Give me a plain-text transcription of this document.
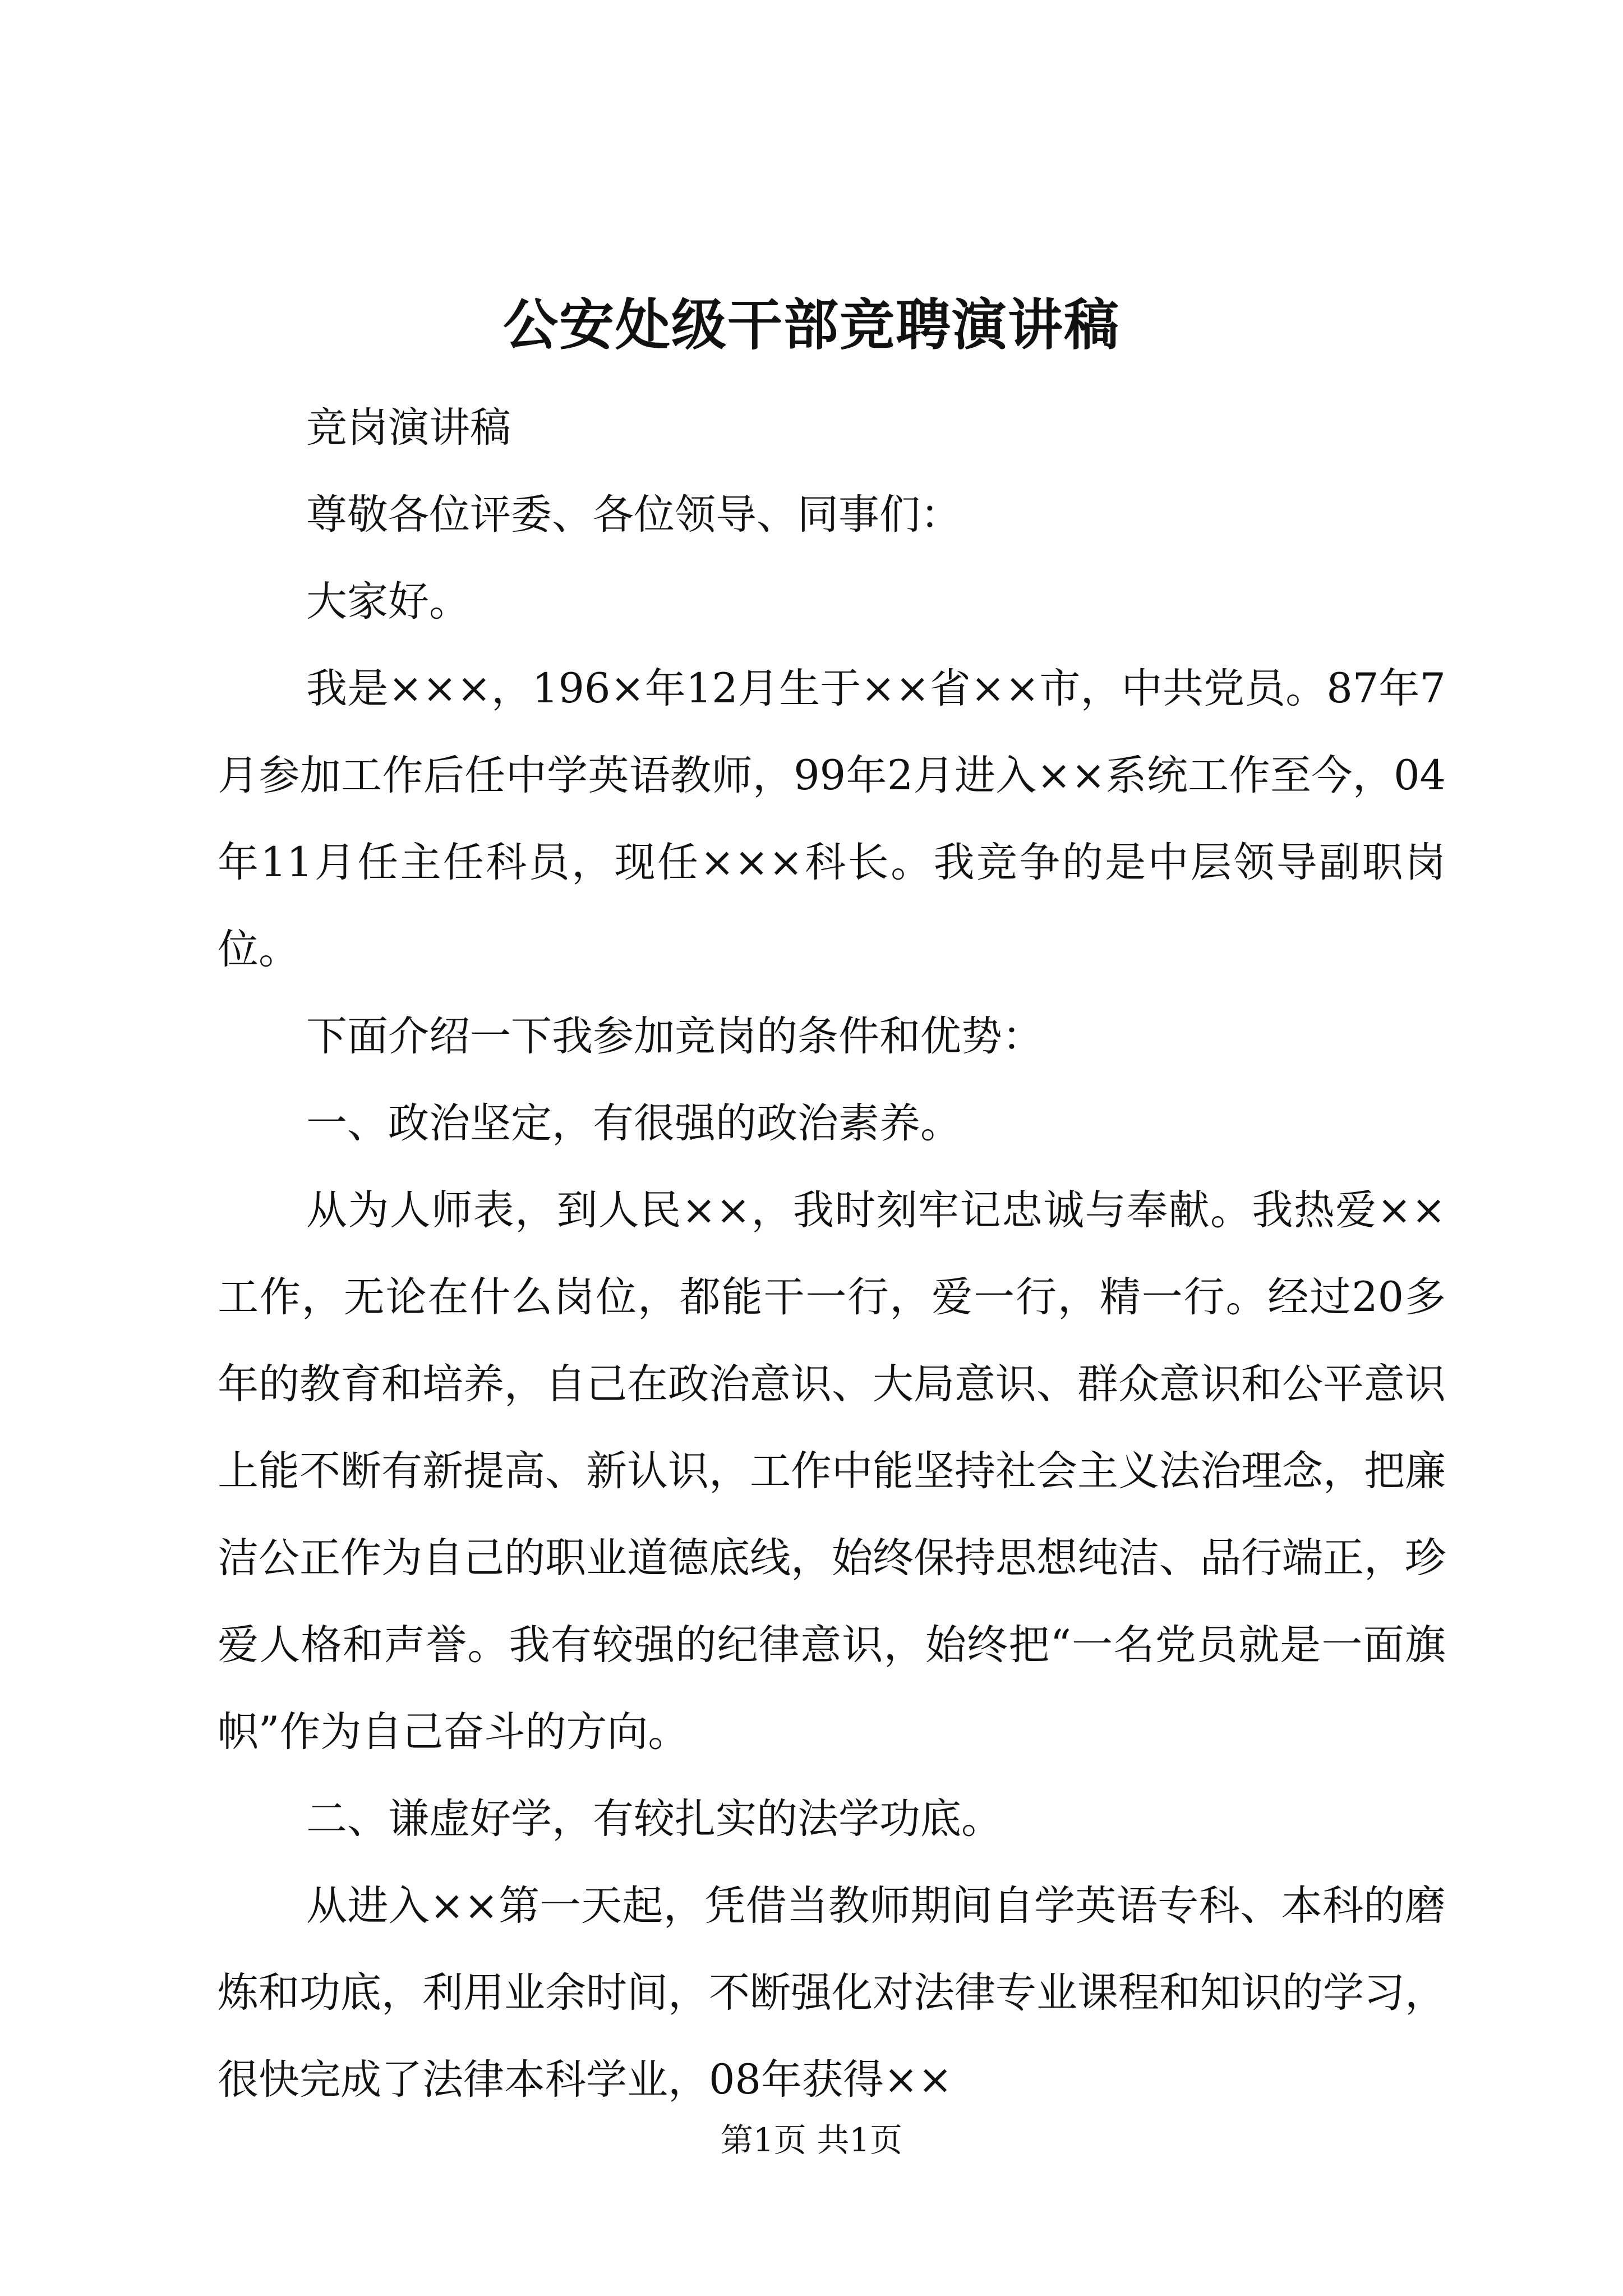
公安处级干部竞聘演讲稿

竞岗演讲稿

尊敬各位评委、各位领导、同事们：

大家好。

我是×××，196×年12月生于××省××市，中共党员。87年7月参加工作后任中学英语教师，99年2月进入××系统工作至今，04年11月任主任科员，现任×××科长。我竞争的是中层领导副职岗位。

下面介绍一下我参加竞岗的条件和优势：

一、政治坚定，有很强的政治素养。

从为人师表，到人民××，我时刻牢记忠诚与奉献。我热爱××工作，无论在什么岗位，都能干一行，爱一行，精一行。经过20多年的教育和培养，自己在政治意识、大局意识、群众意识和公平意识上能不断有新提高、新认识，工作中能坚持社会主义法治理念，把廉洁公正作为自己的职业道德底线，始终保持思想纯洁、品行端正，珍爱人格和声誉。我有较强的纪律意识，始终把“一名党员就是一面旗帜”作为自己奋斗的方向。

二、谦虚好学，有较扎实的法学功底。

从进入××第一天起，凭借当教师期间自学英语专科、本科的磨炼和功底，利用业余时间，不断强化对法律专业课程和知识的学习，很快完成了法律本科学业，08年获得××

第1页 共1页
